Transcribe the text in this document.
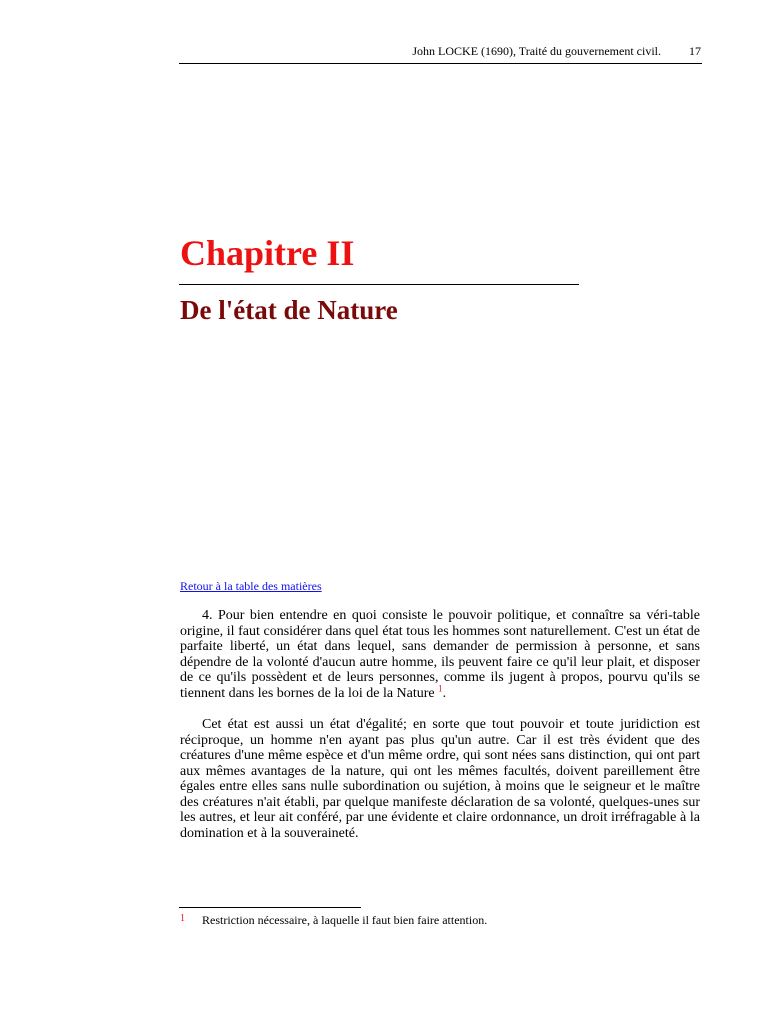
John LOCKE (1690), Traité du gouvernement civil. 17
Chapitre II
De l'état de Nature
Retour à la table des matières

4. Pour bien entendre en quoi consiste le pouvoir politique, et connaître sa véri-table origine, il faut considérer dans quel état tous les hommes sont naturellement. C'est un état de parfaite liberté, un état dans lequel, sans demander de permission à personne, et sans dépendre de la volonté d'aucun autre homme, ils peuvent faire ce qu'il leur plait, et disposer de ce qu'ils possèdent et de leurs personnes, comme ils jugent à propos, pourvu qu'ils se tiennent dans les bornes de la loi de la Nature $^1$.

Cet état est aussi un état d'égalité; en sorte que tout pouvoir et toute juridiction est réciproque, un homme n'en ayant pas plus qu'un autre. Car il est très évident que des créatures d'une même espèce et d'un même ordre, qui sont nées sans distinction, qui ont part aux mêmes avantages de la nature, qui ont les mêmes facultés, doivent pareillement être égales entre elles sans nulle subordination ou sujétion, à moins que le seigneur et le maître des créatures n'ait établi, par quelque manifeste déclaration de sa volonté, quelques-unes sur les autres, et leur ait conféré, par une évidente et claire ordonnance, un droit irréfragable à la domination et à la souveraineté.

1 Restriction nécessaire, à laquelle il faut bien faire attention.
